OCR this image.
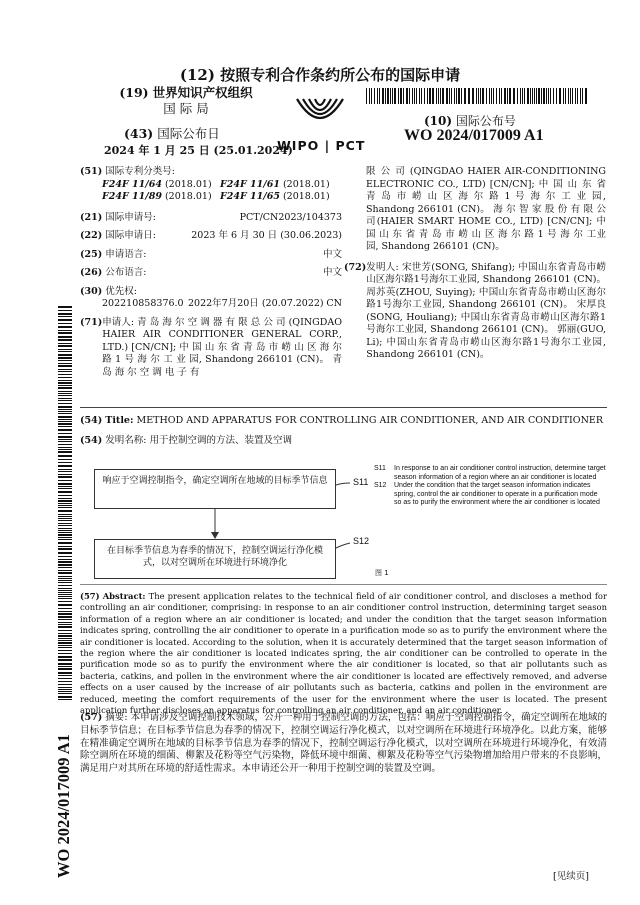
(12) 按照专利合作条约所公布的国际申请
(19) 世界知识产权组织
国 际 局
(43) 国际公布日
2024 年 1 月 25 日 (25.01.2024)
WIPO | PCT
(10) 国际公布号
WO 2024/017009 A1
(51) 国际专利分类号:
F24F 11/64 (2018.01) F24F 11/61 (2018.01)
F24F 11/89 (2018.01) F24F 11/65 (2018.01)
(21) 国际申请号:	PCT/CN2023/104373
(22) 国际申请日:	2023 年 6 月 30 日 (30.06.2023)
(25) 申请语言:	中文
(26) 公布语言:	中文
(30) 优先权:
202210858376.0 2022年7月20日 (20.07.2022) CN
(71) 申请人: 青 岛 海 尔 空 调 器 有 限 总 公 司 (QINGDAO HAIER AIR CONDITIONER GENERAL CORP., LTD.) [CN/CN]; 中 国 山 东 省 青 岛 市 崂 山 区 海 尔 路 1 号 海 尔 工 业 园, Shandong 266101 (CN)。 青 岛 海 尔 空 调 电 子 有
限 公 司 (QINGDAO HAIER AIR-CONDITIONING ELECTRONIC CO., LTD) [CN/CN]; 中 国 山 东 省 青 岛 市 崂 山 区 海 尔 路 1 号 海 尔 工 业 园, Shandong 266101 (CN)。 海 尔 智 家 股 份 有 限 公司(HAIER SMART HOME CO., LTD) [CN/CN]; 中 国 山 东 省 青 岛 市 崂 山 区 海 尔 路 1 号 海 尔 工业园, Shandong 266101 (CN)。
(72) 发明人: 宋世芳(SONG, Shifang); 中国山东省青岛市崂山区海尔路1号海尔工业园, Shandong 266101 (CN)。 周苏英(ZHOU, Suying); 中国山东省青岛市崂山区海尔路1号海尔工业园, Shandong 266101 (CN)。 宋厚良(SONG, Houliang); 中国山东省青岛市崂山区海尔路1号海尔工业园, Shandong 266101 (CN)。 郭丽(GUO, Li); 中国山东省青岛市崂山区海尔路1号海尔工业园, Shandong 266101 (CN)。
(54) Title: METHOD AND APPARATUS FOR CONTROLLING AIR CONDITIONER, AND AIR CONDITIONER
(54) 发明名称: 用于控制空调的方法、装置及空调
响应于空调控制指令，确定空调所在地域的目标季节信息	S11
在目标季节信息为春季的情况下，控制空调运行净化模式，以对空调所在环境进行环境净化
S12
S11 In response to an air conditioner control instruction, determine target season information of a region where an air conditioner is located
S12 Under the condition that the target season information indicates spring, control the air conditioner to operate in a purification mode so as to purify the environment where the air conditioner is located
图 1
(57) Abstract: The present application relates to the technical field of air conditioner control, and discloses a method for controlling an air conditioner, comprising: in response to an air conditioner control instruction, determining target season information of a region where an air conditioner is located; and under the condition that the target season information indicates spring, controlling the air conditioner to operate in a purification mode so as to purify the environment where the air conditioner is located. According to the solution, when it is accurately determined that the target season information of the region where the air conditioner is located indicates spring, the air conditioner can be controlled to operate in the purification mode so as to purify the environment where the air conditioner is located, so that air pollutants such as bacteria, catkins, and pollen in the environment where the air conditioner is located are effectively removed, and adverse effects on a user caused by the increase of air pollutants such as bacteria, catkins and pollen in the environment are reduced, meeting the comfort requirements of the user for the environment where the user is located. The present application further discloses an apparatus for controlling an air conditioner, and an air conditioner.
(57) 摘要: 本申请涉及空调控制技术领域，公开一种用于控制空调的方法，包括：响应于空调控制指令，确定空调所在地域的目标季节信息；在目标季节信息为春季的情况下，控制空调运行净化模式，以对空调所在环境进行环境净化。以此方案，能够在精准确定空调所在地域的目标季节信息为春季的情况下，控制空调运行净化模式，以对空调所在环境进行环境净化，有效清除空调所在环境的细菌、柳絮及花粉等空气污染物，降低环境中细菌、柳絮及花粉等空气污染物增加给用户带来的不良影响，满足用户对其所在环境的舒适性需求。本申请还公开一种用于控制空调的装置及空调。
[见续页]
WO 2024/017009 A1
